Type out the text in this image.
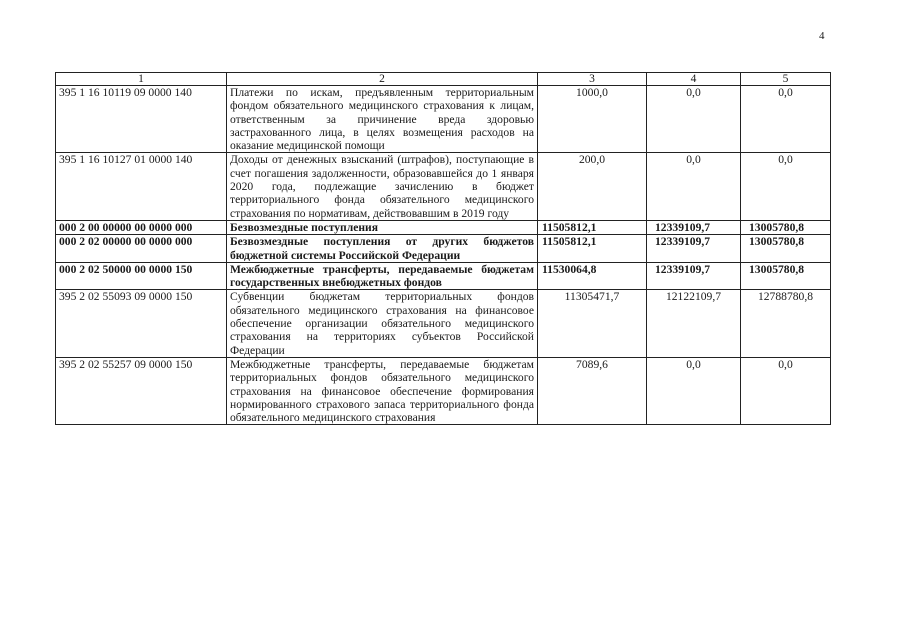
4
1	2	3	4	5
395 1 16 10119 09 0000 140	Платежи по искам, предъявленным территориальным фондом обязательного медицинского страхования к лицам, ответственным за причинение вреда здоровью застрахованного лица, в целях возмещения расходов на оказание медицинской помощи	1000,0	0,0	0,0
395 1 16 10127 01 0000 140	Доходы от денежных взысканий (штрафов), поступающие в счет погашения задолженности, образовавшейся до 1 января 2020 года, подлежащие зачислению в бюджет территориального фонда обязательного медицинского страхования по нормативам, действовавшим в 2019 году	200,0	0,0	0,0
000 2 00 00000 00 0000 000	Безвозмездные поступления	11505812,1	12339109,7	13005780,8
000 2 02 00000 00 0000 000	Безвозмездные поступления от других бюджетов бюджетной системы Российской Федерации	11505812,1	12339109,7	13005780,8
000 2 02 50000 00 0000 150	Межбюджетные трансферты, передаваемые бюджетам государственных внебюджетных фондов	11530064,8	12339109,7	13005780,8
395 2 02 55093 09 0000 150	Субвенции бюджетам территориальных фондов обязательного медицинского страхования на финансовое обеспечение организации обязательного медицинского страхования на территориях субъектов Российской Федерации	11305471,7	12122109,7	12788780,8
395 2 02 55257 09 0000 150	Межбюджетные трансферты, передаваемые бюджетам территориальных фондов обязательного медицинского страхования на финансовое обеспечение формирования нормированного страхового запаса территориального фонда обязательного медицинского страхования	7089,6	0,0	0,0
